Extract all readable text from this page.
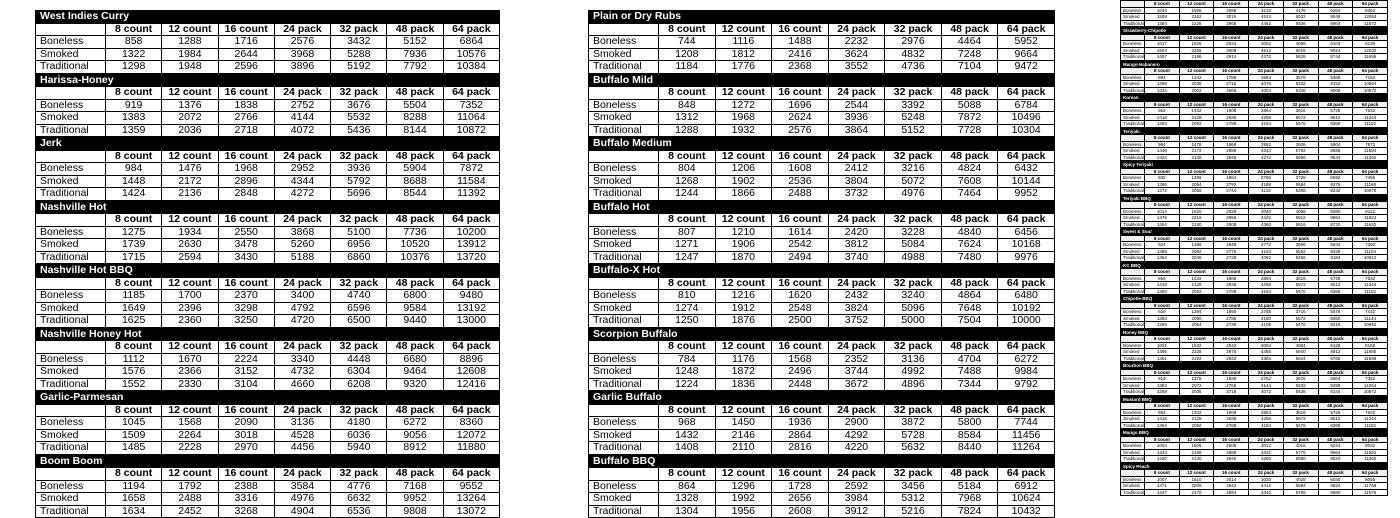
West Indies Curry							
	8 count	12 count	16 count	24 pack	32 pack	48 pack	64 pack
Boneless	858	1288	1716	2576	3432	5152	6864
Smoked	1322	1984	2644	3968	5288	7936	10576
Traditional	1298	1948	2596	3896	5192	7792	10384
Harissa-Honey							
	8 count	12 count	16 count	24 pack	32 pack	48 pack	64 pack
Boneless	919	1376	1838	2752	3676	5504	7352
Smoked	1383	2072	2766	4144	5532	8288	11064
Traditional	1359	2036	2718	4072	5436	8144	10872
Jerk							
	8 count	12 count	16 count	24 pack	32 pack	48 pack	64 pack
Boneless	984	1476	1968	2952	3936	5904	7872
Smoked	1448	2172	2896	4344	5792	8688	11584
Traditional	1424	2136	2848	4272	5696	8544	11392
Nashville Hot							
	8 count	12 count	16 count	24 pack	32 pack	48 pack	64 pack
Boneless	1275	1934	2550	3868	5100	7736	10200
Smoked	1739	2630	3478	5260	6956	10520	13912
Traditional	1715	2594	3430	5188	6860	10376	13720
Nashville Hot BBQ							
	8 count	12 count	16 count	24 pack	32 pack	48 pack	64 pack
Boneless	1185	1700	2370	3400	4740	6800	9480
Smoked	1649	2396	3298	4792	6596	9584	13192
Traditional	1625	2360	3250	4720	6500	9440	13000
Nashville Honey Hot							
	8 count	12 count	16 count	24 pack	32 pack	48 pack	64 pack
Boneless	1112	1670	2224	3340	4448	6680	8896
Smoked	1576	2366	3152	4732	6304	9464	12608
Traditional	1552	2330	3104	4660	6208	9320	12416
Garlic-Parmesan							
	8 count	12 count	16 count	24 pack	32 pack	48 pack	64 pack
Boneless	1045	1568	2090	3136	4180	6272	8360
Smoked	1509	2264	3018	4528	6036	9056	12072
Traditional	1485	2228	2970	4456	5940	8912	11880
Boom Boom							
	8 count	12 count	16 count	24 pack	32 pack	48 pack	64 pack
Boneless	1194	1792	2388	3584	4776	7168	9552
Smoked	1658	2488	3316	4976	6632	9952	13264
Traditional	1634	2452	3268	4904	6536	9808	13072
Plain or Dry Rubs							
	8 count	12 count	16 count	24 pack	32 pack	48 pack	64 pack
Boneless	744	1116	1488	2232	2976	4464	5952
Smoked	1208	1812	2416	3624	4832	7248	9664
Traditional	1184	1776	2368	3552	4736	7104	9472
Buffalo Mild							
	8 count	12 count	16 count	24 pack	32 pack	48 pack	64 pack
Boneless	848	1272	1696	2544	3392	5088	6784
Smoked	1312	1968	2624	3936	5248	7872	10496
Traditional	1288	1932	2576	3864	5152	7728	10304
Buffalo Medium							
	8 count	12 count	16 count	24 pack	32 pack	48 pack	64 pack
Boneless	804	1206	1608	2412	3216	4824	6432
Smoked	1268	1902	2536	3804	5072	7608	10144
Traditional	1244	1866	2488	3732	4976	7464	9952
Buffalo Hot							
	8 count	12 count	16 count	24 pack	32 pack	48 pack	64 pack
Boneless	807	1210	1614	2420	3228	4840	6456
Smoked	1271	1906	2542	3812	5084	7624	10168
Traditional	1247	1870	2494	3740	4988	7480	9976
Buffalo-X Hot							
	8 count	12 count	16 count	24 pack	32 pack	48 pack	64 pack
Boneless	810	1216	1620	2432	3240	4864	6480
Smoked	1274	1912	2548	3824	5096	7648	10192
Traditional	1250	1876	2500	3752	5000	7504	10000
Scorpion Buffalo							
	8 count	12 count	16 count	24 pack	32 pack	48 pack	64 pack
Boneless	784	1176	1568	2352	3136	4704	6272
Smoked	1248	1872	2496	3744	4992	7488	9984
Traditional	1224	1836	2448	3672	4896	7344	9792
Garlic Buffalo							
	8 count	12 count	16 count	24 pack	32 pack	48 pack	64 pack
Boneless	968	1450	1936	2900	3872	5800	7744
Smoked	1432	2146	2864	4292	5728	8584	11456
Traditional	1408	2110	2816	4220	5632	8440	11264
Buffalo BBQ							
	8 count	12 count	16 count	24 pack	32 pack	48 pack	64 pack
Boneless	864	1296	1728	2592	3456	5184	6912
Smoked	1328	1992	2656	3984	5312	7968	10624
Traditional	1304	1956	2608	3912	5216	7824	10432
	8 count	12 count	16 count	24 pack	32 pack	48 pack	64 pack
Boneless	1044	1566	2088	3132	4176	6264	8352
Smoked	1508	2262	3016	4524	6032	9048	12064
Traditional	1484	2226	2968	4452	5936	8904	11872
Strawberry-Chipotle							
	8 count	12 count	16 count	24 pack	32 pack	48 pack	64 pack
Boneless	1017	1526	2034	3052	4068	6104	8136
Smoked	1504	2256	3008	4512	6016	9024	12032
Traditional	1457	2186	2914	4372	5828	8744	11656
Mango-Habanero							
	8 count	12 count	16 count	24 pack	32 pack	48 pack	64 pack
Boneless	894	1342	1788	2684	3576	5368	7152
Smoked	1358	2038	2716	4076	5432	8152	10864
Traditional	1334	2002	2668	4004	5336	8008	10672
Korean							
	8 count	12 count	16 count	24 pack	32 pack	48 pack	64 pack
Boneless	954	1432	1908	2864	3816	5728	7632
Smoked	1418	2128	2836	4256	5672	8512	11344
Traditional	1394	2092	2788	4184	5576	8368	11152
Teriyaki							
	8 count	12 count	16 count	24 pack	32 pack	48 pack	64 pack
Boneless	984	1476	1968	2952	3936	5904	7872
Smoked	1448	2172	2896	4344	5792	8688	11584
Traditional	1424	2136	2848	4272	5696	8544	11392
Spicy Teriyaki							
	8 count	12 count	16 count	24 pack	32 pack	48 pack	64 pack
Boneless	932	1398	1864	2796	3728	5592	7456
Smoked	1396	2094	2792	4188	5584	8376	11168
Traditional	1372	2058	2744	4116	5488	8232	10976
Teriyaki BBQ							
	8 count	12 count	16 count	24 pack	32 pack	48 pack	64 pack
Boneless	1014	1520	2028	3040	4056	6080	8112
Smoked	1478	2216	2956	4432	5912	8864	11824
Traditional	1454	2180	2908	4360	5816	8720	11632
Sweet & Sour							
	8 count	12 count	16 count	24 pack	32 pack	48 pack	64 pack
Boneless	924	1386	1848	2772	3696	5544	7392
Smoked	1388	2082	2776	4164	5552	8328	11104
Traditional	1364	2046	2728	4092	5456	8184	10912
KC BBQ							
	8 count	12 count	16 count	24 pack	32 pack	48 pack	64 pack
Boneless	954	1432	1908	2864	3816	5728	7632
Smoked	1418	2128	2836	4256	5672	8512	11344
Traditional	1394	2092	2788	4184	5576	8368	11152
Chipotle BBQ							
	8 count	12 count	16 count	24 pack	32 pack	48 pack	64 pack
Boneless	929	1394	1858	2788	3716	5576	7432
Smoked	1393	2090	2786	4180	5572	8360	11144
Traditional	1369	2054	2738	4108	5476	8216	10952
Honey BBQ							
	8 count	12 count	16 count	24 pack	32 pack	48 pack	64 pack
Boneless	1021	1532	2042	3064	4084	6128	8168
Smoked	1485	2228	2970	4456	5940	8912	11880
Traditional	1461	2192	2922	4384	5844	8768	11688
Bourbon BBQ							
	8 count	12 count	16 count	24 pack	32 pack	48 pack	64 pack
Boneless	919	1376	1838	2752	3676	5504	7352
Smoked	1383	2072	2766	4144	5532	8288	11064
Traditional	1359	2036	2718	4072	5436	8144	10872
Mustard BBQ							
	8 count	12 count	16 count	24 pack	32 pack	48 pack	64 pack
Boneless	954	1432	1908	2864	3816	5728	7632
Smoked	1418	2128	2836	4256	5672	8512	11344
Traditional	1394	2092	2788	4184	5576	8368	11152
Mango BBQ							
	8 count	12 count	16 count	24 pack	32 pack	48 pack	64 pack
Boneless	1004	1506	2008	3012	4016	6024	8032
Smoked	1444	2166	2888	4332	5776	8664	11552
Traditional	1420	2130	2840	4260	5680	8520	11360
Spicy Peach							
	8 count	12 count	16 count	24 pack	32 pack	48 pack	64 pack
Boneless	1007	1510	2014	3020	4028	6040	8056
Smoked	1471	2206	2942	4412	5884	8824	11768
Traditional	1447	2170	2894	4340	5788	8680	11576
